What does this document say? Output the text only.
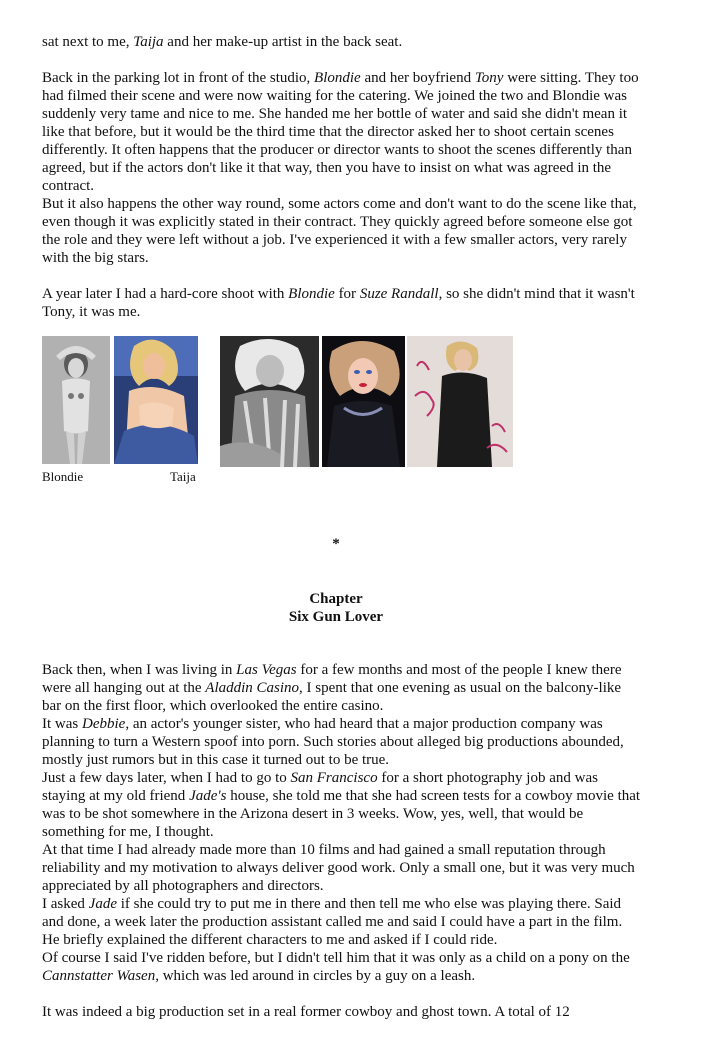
sat next to me, Taija and her make-up artist in the back seat.

Back in the parking lot in front of the studio, Blondie and her boyfriend Tony were sitting. They too had filmed their scene and were now waiting for the catering. We joined the two and Blondie was suddenly very tame and nice to me. She handed me her bottle of water and said she didn't mean it like that before, but it would be the third time that the director asked her to shoot certain scenes differently. It often happens that the producer or director wants to shoot the scenes differently than agreed, but if the actors don't like it that way, then you have to insist on what was agreed in the contract.

But it also happens the other way round, some actors come and don't want to do the scene like that, even though it was explicitly stated in their contract. They quickly agreed before someone else got the role and they were left without a job. I've experienced it with a few smaller actors, very rarely with the big stars.

A year later I had a hard-core shoot with Blondie for Suze Randall, so she didn't mind that it wasn't Tony, it was me.

Blondie	Taija
*
Chapter
Six Gun Lover

Back then, when I was living in Las Vegas for a few months and most of the people I knew there were all hanging out at the Aladdin Casino, I spent that one evening as usual on the balcony-like bar on the first floor, which overlooked the entire casino.

It was Debbie, an actor's younger sister, who had heard that a major production company was planning to turn a Western spoof into porn. Such stories about alleged big productions abounded, mostly just rumors but in this case it turned out to be true.

Just a few days later, when I had to go to San Francisco for a short photography job and was staying at my old friend Jade's house, she told me that she had screen tests for a cowboy movie that was to be shot somewhere in the Arizona desert in 3 weeks. Wow, yes, well, that would be something for me, I thought.

At that time I had already made more than 10 films and had gained a small reputation through reliability and my motivation to always deliver good work. Only a small one, but it was very much appreciated by all photographers and directors.

I asked Jade if she could try to put me in there and then tell me who else was playing there. Said and done, a week later the production assistant called me and said I could have a part in the film. He briefly explained the different characters to me and asked if I could ride.

Of course I said I've ridden before, but I didn't tell him that it was only as a child on a pony on the Cannstatter Wasen, which was led around in circles by a guy on a leash.

It was indeed a big production set in a real former cowboy and ghost town. A total of 12
